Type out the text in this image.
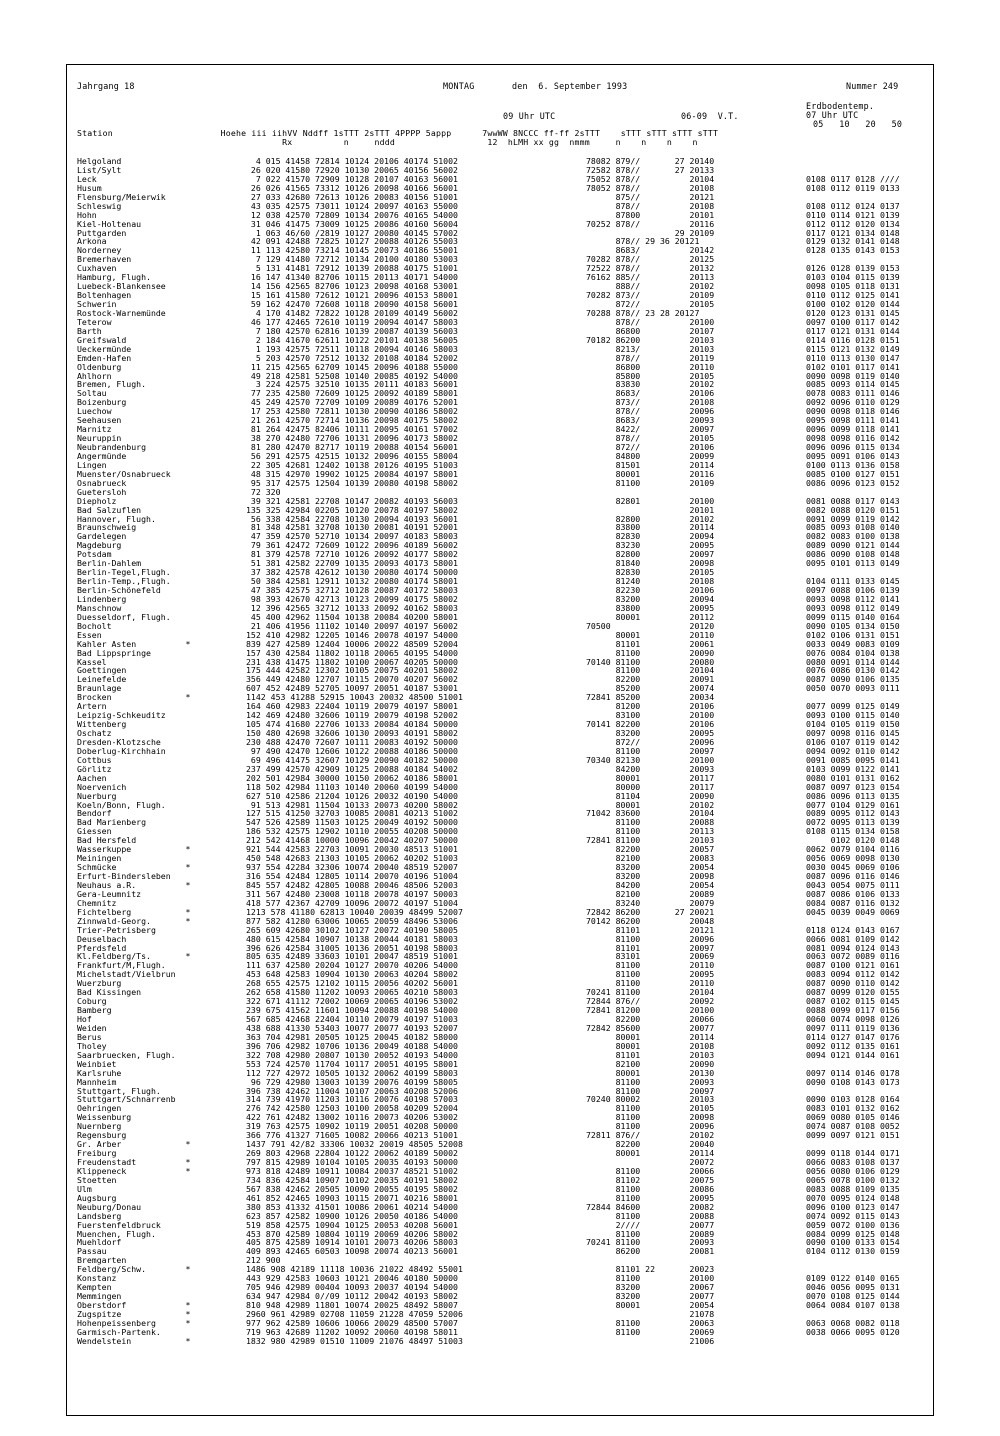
Jahrgang 18	MONTAG	den  6. September 1993	Nummer 249
09 Uhr UTC	06-09  V.T.
Erdbodentemp.
07 Uhr UTC
05   10   20   50
Station                     Hoehe iii iihVV Nddff 1sTTT 2sTTT 4PPPP 5appp      7wwWW 8NCCC ff-ff 2sTTT    sTTT sTTT sTTT sTTT
Rx          n     nddd                  12  hLMH xx gg  nmmm     n    n    n    n
Helgoland	4 015 41458 72814 10124 20106 40174 51002	78082 879//       27 20140
List/Sylt	26 020 41580 72920 10130 20065 40156 56002	72582 878//       27 20133
Leck	7 022 41570 72909 10128 20107 40163 56001	75052 878//          20104	0108 0117 0128 ////
Husum	26 026 41565 73312 10126 20098 40166 56001	78052 878//          20108	0108 0112 0119 0133
Flensburg/Meierwik	27 033 42680 72613 10126 20083 40156 51001	875//          20121
Schleswig	43 035 42575 73011 10124 20097 40163 55000	878//          20108	0108 0112 0124 0137
Hohn	12 038 42570 72809 10134 20076 40165 54000	87800          20101	0110 0114 0121 0139
Kiel-Holtenau	31 046 41475 73009 10125 20086 40160 56004	70252 878//          20116	0112 0112 0120 0134
Puttgarden	1 063 46/60 /2819 10127 20080 40145 57002	29 20109	0117 0121 0134 0148
Arkona	42 091 42488 72825 10127 20088 40126 55003	878// 29 36 20121	0129 0132 0141 0148
Norderney	11 113 42580 73214 10145 20073 40186 55001	8683/          20142	0128 0135 0143 0153
Bremerhaven	7 129 41480 72712 10134 20100 40180 53003	70282 878//          20125
Cuxhaven	5 131 41481 72912 10139 20088 40175 51001	72522 878//          20132	0126 0128 0139 0153
Hamburg, Flugh.	16 147 41340 82706 10115 20113 40171 54000	76162 885//          20113	0103 0104 0115 0139
Luebeck-Blankensee	14 156 42565 82706 10123 20098 40168 53001	888//          20102	0098 0105 0118 0131
Boltenhagen	15 161 41580 72612 10121 20096 40153 58001	70282 873//          20109	0110 0112 0125 0141
Schwerin	59 162 42470 72608 10118 20090 40158 56001	872//          20105	0100 0102 0120 0144
Rostock-Warnemünde	4 170 41482 72822 10128 20109 40149 56002	70288 878// 23 28 20127	0120 0123 0131 0145
Teterow	46 177 42465 72610 10119 20094 40147 58003	878//          20100	0097 0100 0117 0142
Barth	7 180 42570 62816 10139 20087 40139 56003	86800          20107	0117 0121 0131 0144
Greifswald	2 184 41670 62611 10122 20101 40138 56005	70182 86200          20103	0114 0116 0128 0151
Ueckermünde	1 193 42575 72511 10118 20094 40146 58003	8213/          20103	0115 0121 0132 0149
Emden-Hafen	5 203 42570 72512 10132 20108 40184 52002	878//          20119	0110 0113 0130 0147
Oldenburg	11 215 42565 62709 10145 20096 40188 55000	86800          20110	0102 0101 0117 0141
Ahlhorn	49 218 42581 52508 10140 20085 40192 54000	85800          20105	0090 0098 0119 0140
Bremen, Flugh.	3 224 42575 32510 10135 20111 40183 56001	83830          20102	0085 0093 0114 0145
Soltau	77 235 42580 72609 10125 20092 40189 58001	8683/          20106	0078 0083 0111 0146
Boizenburg	45 249 42570 72709 10109 20089 40176 52001	873//          20108	0092 0096 0110 0129
Luechow	17 253 42580 72811 10130 20090 40186 58002	878//          20096	0090 0098 0118 0146
Seehausen	21 261 42570 72714 10136 20098 40175 58002	8683/          20093	0095 0098 0111 0141
Marnitz	81 264 42475 82406 10111 20095 40161 57002	8422/          20097	0096 0099 0118 0141
Neuruppin	38 270 42480 72706 10131 20096 40173 58002	878//          20105	0098 0098 0116 0142
Neubrandenburg	81 280 42470 82717 10119 20088 40154 56001	872//          20106	0096 0096 0115 0134
Angermünde	56 291 42575 42515 10132 20096 40155 58004	84800          20099	0095 0091 0106 0143
Lingen	22 305 42681 12402 10138 20126 40195 51003	81501          20114	0100 0113 0136 0158
Muenster/Osnabrueck	48 315 42970 19902 10125 20084 40197 58001	80001          20116	0085 0100 0127 0151
Osnabrueck	95 317 42575 12504 10139 20080 40198 58002	81100          20109	0086 0096 0123 0152
Guetersloh	72 320
Diepholz	39 321 42581 22708 10147 20082 40193 56003	82801          20100	0081 0088 0117 0143
Bad Salzuflen	135 325 42984 02205 10120 20078 40197 58002	20101	0082 0088 0120 0151
Hannover, Flugh.	56 338 42584 22708 10130 20094 40193 56001	82800          20102	0091 0099 0119 0142
Braunschweig	81 348 42581 32708 10130 20081 40191 52001	83800          20114	0085 0093 0108 0140
Gardelegen	47 359 42570 52710 10134 20097 40183 58003	82830          20094	0082 0083 0100 0138
Magdeburg	79 361 42472 72609 10122 20096 40189 56002	83230          20095	0089 0090 0121 0144
Potsdam	81 379 42578 72710 10126 20092 40177 58002	82800          20097	0086 0090 0108 0148
Berlin-Dahlem	51 381 42582 22709 10135 20093 40173 58001	81840          20098	0095 0101 0113 0149
Berlin-Tegel,Flugh.	37 382 42578 42612 10130 20080 40174 50000	82830          20105
Berlin-Temp.,Flugh.	50 384 42581 12911 10132 20080 40174 58001	81240          20108	0104 0111 0133 0145
Berlin-Schönefeld	47 385 42575 32712 10128 20087 40172 58003	82230          20106	0097 0088 0106 0139
Lindenberg	98 393 42670 42713 10123 20099 40175 58002	83200          20094	0093 0098 0112 0141
Manschnow	12 396 42565 32712 10133 20092 40162 58003	83800          20095	0093 0098 0112 0149
Duesseldorf, Flugh.	45 400 42962 11504 10138 20084 40200 58001	80001          20112	0099 0115 0140 0164
Bocholt	21 406 41956 11102 10140 20097 40197 56002	70500                20120	0090 0105 0134 0150
Essen	152 410 42982 12205 10146 20078 40197 54000	80001          20110	0102 0106 0131 0151
Kahler Asten          *	839 427 42589 12404 10006 20022 48509 52004	81101          20061	0033 0049 0083 0109
Bad Lippspringe	157 430 42584 11802 10118 20065 40195 54000	81100          20090	0076 0084 0104 0138
Kassel	231 438 41475 11802 10100 20067 40205 50000	70140 81100          20080	0080 0091 0114 0144
Goettingen	175 444 42582 12302 10105 20075 40201 58002	81100          20104	0076 0086 0130 0142
Leinefelde	356 449 42480 12707 10115 20070 40207 56002	82200          20091	0087 0090 0106 0135
Braunlage	607 452 42489 52705 10097 20051 40187 53001	85200          20074	0050 0070 0093 0111
Brocken               *	1142 453 41288 52915 10043 20032 48500 51001	72841 85200          20034
Artern	164 460 42983 22404 10119 20079 40197 58001	81200          20106	0077 0099 0125 0149
Leipzig-Schkeuditz	142 469 42480 32606 10119 20079 40198 52002	83100          20100	0093 0100 0115 0140
Wittenberg	105 474 41680 22706 10133 20084 40184 50000	70141 82200          20106	0104 0105 0119 0150
Oschatz	150 480 42698 32606 10130 20093 40191 58002	83200          20095	0097 0098 0116 0145
Dresden-Klotzsche	230 488 42470 72607 10111 20083 40192 50000	872//          20096	0106 0107 0119 0142
Doberlug-Kirchhain	97 490 42470 12606 10122 20088 40186 50000	81100          20097	0094 0092 0110 0142
Cottbus	69 496 41475 32607 10129 20090 40182 50000	70340 82130          20100	0091 0085 0095 0141
Görlitz	237 499 42570 42909 10125 20088 40184 54002	84200          20093	0103 0099 0122 0141
Aachen	202 501 42984 30000 10150 20062 40186 58001	80001          20117	0080 0101 0131 0162
Noervenich	118 502 42984 11103 10140 20060 40199 54000	80000          20117	0087 0097 0123 0154
Nuerburg	627 510 42586 21204 10126 20032 40190 54000	81104          20090	0086 0096 0113 0135
Koeln/Bonn, Flugh.	91 513 42981 11504 10133 20073 40200 58002	80001          20102	0077 0104 0129 0161
Bendorf	127 515 41250 32703 10085 20081 40213 51002	71042 83600          20104	0089 0095 0112 0143
Bad Marienberg	547 526 42589 11503 10125 20049 40192 50000	81100          20088	0072 0095 0113 0139
Giessen	186 532 42575 12902 10110 20055 40208 50000	81100          20113	0108 0115 0134 0158
Bad Hersfeld	212 542 41468 10000 10096 20042 40207 50000	72841 81100          20103	0102 0120 0148
Wasserkuppe           *	921 544 42583 22703 10091 20030 48513 51001	82200          20057	0062 0079 0104 0116
Meiningen	450 548 42683 21303 10105 20062 40202 51003	82100          20083	0056 0069 0098 0130
Schmücke              *	937 554 42284 32306 10074 20040 48519 52007	83200          20054	0030 0045 0069 0106
Erfurt-Bindersleben	316 554 42484 12805 10114 20070 40196 51004	83200          20098	0087 0096 0116 0146
Neuhaus a.R.          *	845 557 42482 42805 10088 20046 48506 52003	84200          20054	0043 0054 0075 0111
Gera-Leumnitz	311 567 42480 23008 10118 20078 40197 50003	82100          20089	0087 0086 0106 0133
Chemnitz	418 577 42367 42709 10096 20072 40197 51004	83240          20079	0084 0087 0116 0132
Fichtelberg           *	1213 578 41180 62813 10040 20039 48499 52007	72842 86200       27 20021	0045 0039 0049 0069
Zinnwald-Georg.       *	877 582 41280 63006 10065 20059 48496 53006	70142 86200          20048
Trier-Petrisberg	265 609 42680 30102 10127 20072 40190 58005	81101          20121	0118 0124 0143 0167
Deuselbach	480 615 42584 10907 10138 20044 40181 58003	81100          20096	0066 0081 0109 0142
Pferdsfeld	396 626 42584 31005 10136 20051 40198 58003	81101          20097	0081 0094 0124 0143
Kl.Feldberg/Ts.       *	805 635 42489 33603 10101 20047 48519 51001	83101          20069	0063 0072 0089 0116
Frankfurt/M,Flugh.	111 637 42580 20204 10127 20070 40206 54000	81100          20110	0087 0100 0121 0161
Michelstadt/Vielbrun	453 648 42583 10904 10130 20063 40204 58002	81100          20095	0083 0094 0112 0142
Wuerzburg	268 655 42575 12102 10115 20056 40202 56001	81100          20110	0087 0090 0110 0142
Bad Kissingen	262 658 41580 11202 10093 20065 40210 58003	70241 81100          20104	0087 0099 0120 0155
Coburg	322 671 41112 72002 10069 20065 40196 53002	72844 876//          20092	0087 0102 0115 0145
Bamberg	239 675 41562 11601 10094 20088 40198 54000	72841 81200          20100	0088 0099 0117 0156
Hof	567 685 42468 22404 10110 20079 40197 51003	82200          20066	0060 0074 0098 0126
Weiden	438 688 41330 53403 10077 20077 40193 52007	72842 85600          20077	0097 0111 0119 0136
Berus	363 704 42981 20505 10125 20045 40182 58000	80001          20114	0114 0127 0147 0176
Tholey	396 706 42982 10706 10136 20049 40188 54000	80001          20108	0092 0112 0135 0161
Saarbruecken, Flugh.	322 708 42980 20807 10130 20052 40193 54000	81101          20103	0094 0121 0144 0161
Weinbiet	553 724 42570 11704 10117 20051 40195 58001	82100          20090
Karlsruhe	112 727 42972 10505 10132 20062 40199 58003	80001          20130	0097 0114 0146 0178
Mannheim	96 729 42980 13003 10139 20076 40199 58005	81100          20093	0090 0108 0143 0173
Stuttgart, Flugh.	396 738 42462 11004 10107 20063 40208 52006	81100          20097
Stuttgart/Schnarrenb	314 739 41970 11203 10116 20076 40198 57003	70240 80002          20103	0090 0103 0128 0164
Oehringen	276 742 42580 12503 10100 20058 40209 52004	81100          20105	0083 0101 0132 0162
Weissenburg	422 761 42482 13002 10116 20073 40206 53002	81100          20098	0069 0080 0105 0146
Nuernberg	319 763 42575 10902 10119 20051 40208 50000	81100          20096	0074 0087 0108 0052
Regensburg	366 776 41327 71605 10082 20066 40213 51001	72811 876//          20102	0099 0097 0121 0151
Gr. Arber             *	1437 791 42/82 33306 10032 20019 48505 52008	82200          20040
Freiburg	269 803 42968 22804 10122 20062 40189 50002	80001          20114	0099 0118 0144 0171
Freudenstadt          *	797 815 42989 10104 10105 20035 40193 50000	20072	0066 0083 0108 0137
Klippeneck            *	973 818 42489 10911 10084 20037 48521 51002	81100          20066	0056 0080 0106 0129
Stoetten	734 836 42584 10907 10102 20035 40191 58002	81102          20075	0065 0078 0100 0132
Ulm	567 838 42462 20505 10090 20055 40195 58002	81100          20086	0083 0088 0109 0135
Augsburg	461 852 42465 10903 10115 20071 40216 58001	81100          20095	0070 0095 0124 0148
Neuburg/Donau	380 853 41332 41501 10086 20061 40214 54000	72844 84600          20082	0096 0100 0123 0147
Landsberg	623 857 42582 10900 10126 20050 40186 54000	81100          20088	0074 0092 0115 0143
Fuerstenfeldbruck	519 858 42575 10904 10125 20053 40208 56001	2////          20077	0059 0072 0100 0136
Muenchen, Flugh.	453 870 42589 10804 10119 20069 40206 58002	81100          20089	0084 0099 0125 0148
Muehldorf	405 875 42589 10914 10101 20073 40206 58003	70241 81100          20093	0090 0100 0133 0154
Passau	409 893 42465 60503 10098 20074 40213 56001	86200          20081	0104 0112 0130 0159
Bremgarten	212 900
Feldberg/Schw.        *	1486 908 42189 11118 10036 21022 48492 55001	81101 22       20023
Konstanz	443 929 42583 10603 10121 20046 40180 50000	81100          20100	0109 0122 0140 0165
Kempten	705 946 42989 00404 10093 20037 40194 54000	83200          20067	0046 0056 0095 0131
Memmingen	634 947 42984 0//09 10112 20042 40193 58002	83200          20077	0070 0108 0125 0144
Oberstdorf            *	810 948 42989 11801 10074 20025 48492 58007	80001          20054	0064 0084 0107 0138
Zugspitze             *	2960 961 42989 02708 11059 21228 47059 52006	21078
Hohenpeissenberg      *	977 962 42589 10606 10066 20029 48500 57007	81100          20063	0063 0068 0082 0118
Garmisch-Partenk.	719 963 42689 11202 10092 20060 40198 58011	81100          20069	0038 0066 0095 0120
Wendelstein           *	1832 980 42989 01510 11009 21076 48497 51003	21006
